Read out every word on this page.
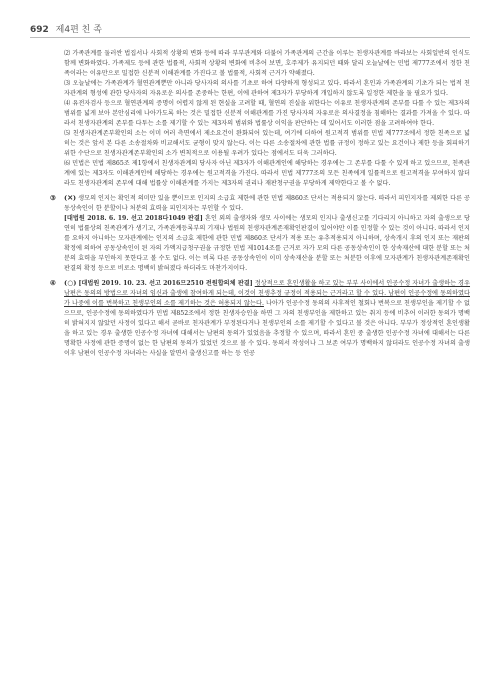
692 제4편 친 족

⑵ 가족관계를 둘러싼 법집서나 사회적 상황의 변화 등에 따라 부부관계와 더불어 가족관계의 근간을 이루는 친생자관계를 바라보는 사회일반의 인식도 함께 변화하였다. 가족제도 등에 관한 법률적, 사회적 상황의 변화에 비추어 보면, 호주제가 유지되던 때와 달리 오늘날에는 민법 제777조에서 정한 친족이라는 이유만으로 밀접한 신분적 이해관계를 가진다고 볼 법률적, 사회적 근거가 약해졌다.

⑶ 오늘날에는 가족관계가 혈연관계뿐만 아니라 당사자의 의사를 기초로 하여 다양하게 형성되고 있다. 따라서 혼인과 가족관계의 기초가 되는 법적 친자관계의 형성에 관한 당사자의 자유로운 의사를 존중하는 한편, 이에 관하여 제3자가 부당하게 개입하지 않도록 일정한 제한을 둘 필요가 있다.

⑷ 유전자검사 등으로 혈연관계의 증명이 어렵지 않게 된 현실을 고려할 때, 혈연의 진실을 위한다는 이유로 친생자관계의 존부를 다툴 수 있는 제3자의 범위를 넓게 보아 본안심리에 나아가도록 하는 것은 밀접한 신분적 이해관계를 가진 당사자의 자유로운 의사결정을 침해하는 결과를 가져올 수 있다. 따라서 친생자관계의 존부를 다투는 소를 제기할 수 있는 제3자의 범위와 법률상 이익을 판단하는 데 있어서도 이러한 점을 고려하여야 한다.

⑸ 친생자관계존부확인의 소는 이미 여러 측면에서 제소요건이 완화되어 있는데, 여기에 더하여 원고적격 범위를 민법 제777조에서 정한 친족으로 넓히는 것은 앞서 본 다른 소송절차와 비교해서도 균형이 맞지 않는다. 이는 다른 소송절차에 관한 법률 규정이 정하고 있는 요건이나 제한 등을 회피하기 위한 수단으로 친생자관계존부확인의 소가 변칙적으로 이용될 우려가 있다는 점에서도 더욱 그러하다.

⑹ 민법은 민법 제865조 제1항에서 친생자관계의 당사자 아닌 제3자가 이해관계인에 해당하는 경우에는 그 존부를 다툴 수 있게 하고 있으므로, 친족관계에 있는 제3자도 이해관계인에 해당하는 경우에는 원고적격을 가진다. 따라서 민법 제777조의 모든 친족에게 일률적으로 원고적격을 부여하지 않더라도 친생자관계의 존부에 대해 법률상 이해관계를 가지는 제3자의 권리나 재판청구권을 부당하게 제약한다고 볼 수 없다.

③ (✕) 생모의 인지는 확인적 의미만 있을 뿐이므로 인지의 소급효 제한에 관한 민법 제860조 단서는 적용되지 않는다. 따라서 피인지자를 제외한 다른 공동상속인이 한 분할이나 처분의 효력을 피인지자는 부인할 수 있다.

[대법원 2018. 6. 19. 선고 2018다1049 판결] 혼인 외의 출생자와 생모 사이에는 생모의 인지나 출생신고를 기다리지 아니하고 자의 출생으로 당연히 법률상의 친족관계가 생기고, 가족관계등록부의 기재나 법원의 친생자관계존재확인판결이 있어야만 이를 인정할 수 있는 것이 아니다. 따라서 인지를 요하지 아니하는 모자관계에는 인지의 소급효 제한에 관한 민법 제860조 단서가 적용 또는 유추적용되지 아니하며, 상속개시 후의 인지 또는 재판의 확정에 의하여 공동상속인이 된 자의 가액지급청구권을 규정한 민법 제1014조를 근거로 자가 모의 다른 공동상속인이 한 상속재산에 대한 분할 또는 처분의 효력을 부인하지 못한다고 볼 수도 없다. 이는 비록 다른 공동상속인이 이미 상속재산을 분할 또는 처분한 이후에 모자관계가 친생자관계존재확인판결의 확정 등으로 비로소 명백히 밝혀졌다 하더라도 마찬가지이다.

④ (○) [대법원 2019. 10. 23. 선고 2016므2510 전원합의체 판결] 정상적으로 혼인생활을 하고 있는 부부 사이에서 인공수정 자녀가 출생하는 경우 남편은 동의의 방법으로 자녀의 임신과 출생에 참여하게 되는데, 이것이 친생추정 규정이 적용되는 근거라고 할 수 있다. 남편이 인공수정에 동의하였다가 나중에 이를 번복하고 친생부인의 소를 제기하는 것은 허용되지 않는다. 나아가 인공수정 동의의 사후적인 철회나 번복으로 친생부인을 제기할 수 없으므로, 인공수정에 동의하였다가 민법 제852조에서 정한 친생자승인을 하면 그 자의 친생부인을 제한하고 있는 취지 등에 비추어 이러한 동의가 명백히 밝혀지지 않았던 사정이 있다고 해서 곧바로 친자관계가 부정된다거나 친생부인의 소를 제기할 수 있다고 볼 것은 아니다. 부부가 정상적인 혼인생활을 하고 있는 경우 출생한 인공수정 자녀에 대해서는 남편의 동의가 있었음을 추정할 수 있으며, 따라서 혼인 중 출생한 인공수정 자녀에 대해서는 다른 명확한 사정에 관한 증명이 없는 한 남편의 동의가 있었던 것으로 볼 수 있다. 동의서 작성이나 그 보존 여부가 명백하지 않더라도 인공수정 자녀의 출생 이후 남편이 인공수정 자녀라는 사실을 알면서 출생신고를 하는 등 인공
